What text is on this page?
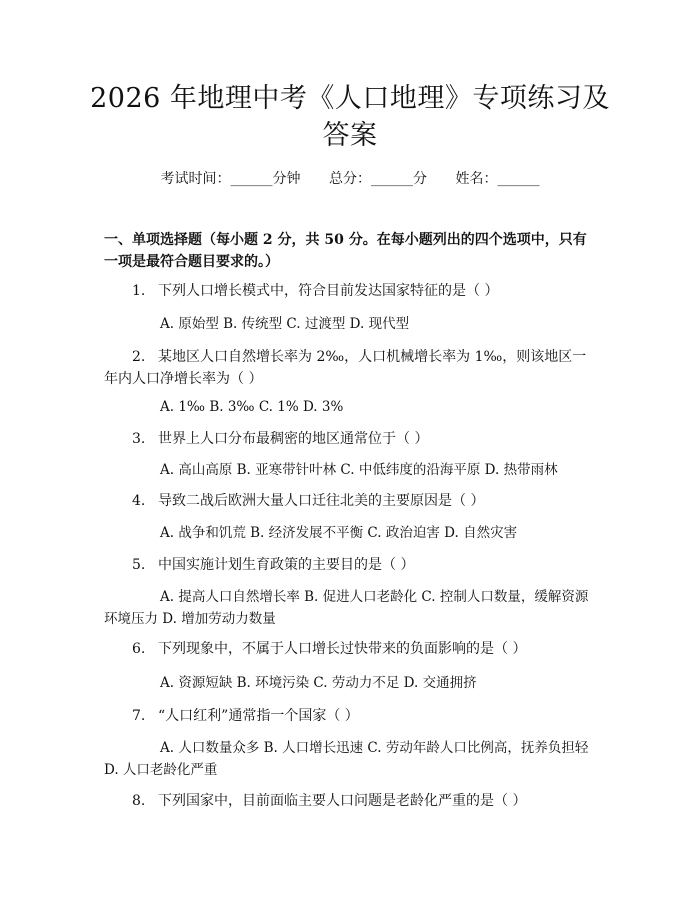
2026 年地理中考《人口地理》专项练习及答案
考试时间：______分钟 总分：______分 姓名：______
一、单项选择题（每小题 2 分，共 50 分。在每小题列出的四个选项中，只有一项是最符合题目要求的。）
1. 下列人口增长模式中，符合目前发达国家特征的是（ ）
A. 原始型 B. 传统型 C. 过渡型 D. 现代型
2. 某地区人口自然增长率为 2‰，人口机械增长率为 1‰，则该地区一年内人口净增长率为（ ）
A. 1‰ B. 3‰ C. 1% D. 3%
3. 世界上人口分布最稠密的地区通常位于（ ）
A. 高山高原 B. 亚寒带针叶林 C. 中低纬度的沿海平原 D. 热带雨林
4. 导致二战后欧洲大量人口迁往北美的主要原因是（ ）
A. 战争和饥荒 B. 经济发展不平衡 C. 政治迫害 D. 自然灾害
5. 中国实施计划生育政策的主要目的是（ ）
A. 提高人口自然增长率 B. 促进人口老龄化 C. 控制人口数量，缓解资源环境压力 D. 增加劳动力数量
6. 下列现象中，不属于人口增长过快带来的负面影响的是（ ）
A. 资源短缺 B. 环境污染 C. 劳动力不足 D. 交通拥挤
7. “人口红利”通常指一个国家（ ）
A. 人口数量众多 B. 人口增长迅速 C. 劳动年龄人口比例高，抚养负担轻 D. 人口老龄化严重
8. 下列国家中，目前面临主要人口问题是老龄化严重的是（ ）
